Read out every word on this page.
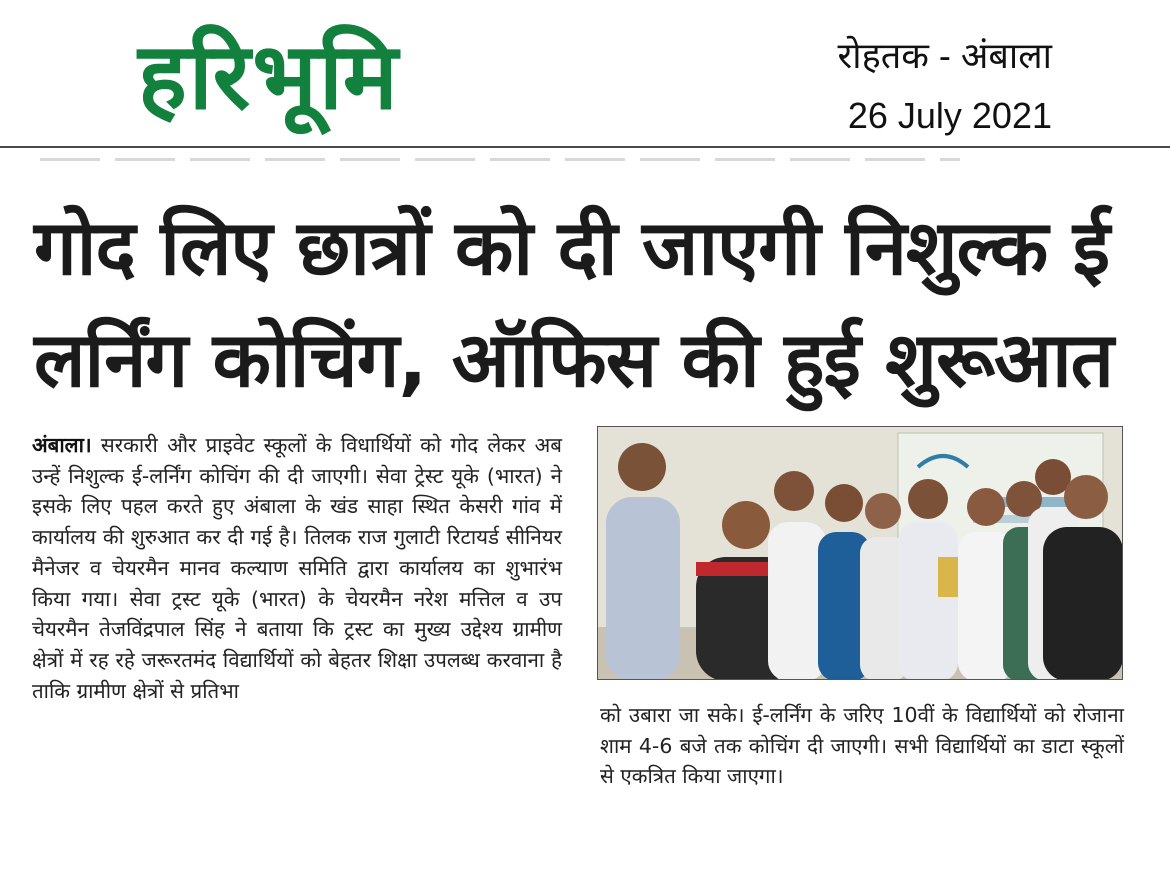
हरिभूमि	रोहतक - अंबाला
26 July 2021
गोद लिए छात्रों को दी जाएगी निशुल्क ई
लर्निंग कोचिंग, ऑफिस की हुई शुरूआत
अंबाला। सरकारी और प्राइवेट स्कूलों के विधार्थियों को गोद लेकर अब उन्हें निशुल्क ई-लर्निंग कोचिंग की दी जाएगी। सेवा ट्रेस्ट यूके (भारत) ने इसके लिए पहल करते हुए अंबाला के खंड साहा स्थित केसरी गांव में कार्यालय की शुरुआत कर दी गई है। तिलक राज गुलाटी रिटायर्ड सीनियर मैनेजर व चेयरमैन मानव कल्याण समिति द्वारा कार्यालय का शुभारंभ किया गया। सेवा ट्रस्ट यूके (भारत) के चेयरमैन नरेश मत्तिल व उप चेयरमैन तेजविंद्रपाल सिंह ने बताया कि ट्रस्ट का मुख्य उद्देश्य ग्रामीण क्षेत्रों में रह रहे जरूरतमंद विद्यार्थियों को बेहतर शिक्षा उपलब्ध करवाना है ताकि ग्रामीण क्षेत्रों से प्रतिभा
को उबारा जा सके। ई-लर्निंग के जरिए 10वीं के विद्यार्थियों को रोजाना शाम 4-6 बजे तक कोचिंग दी जाएगी। सभी विद्यार्थियों का डाटा स्कूलों से एकत्रित किया जाएगा।
